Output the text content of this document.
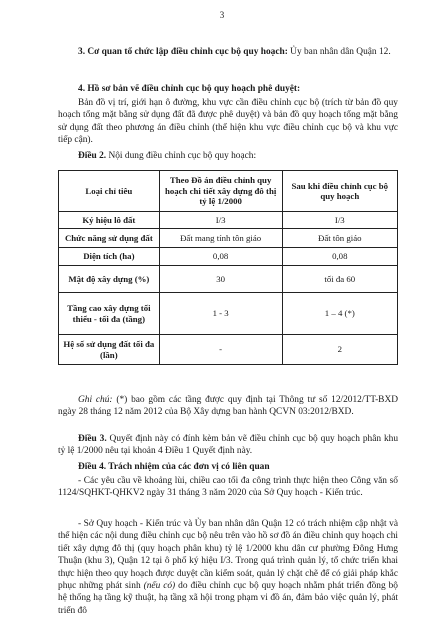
3
3. Cơ quan tổ chức lập điều chỉnh cục bộ quy hoạch: Ủy ban nhân dân Quận 12.
4. Hồ sơ bản vẽ điều chỉnh cục bộ quy hoạch phê duyệt:
Bản đồ vị trí, giới hạn ô đường, khu vực cần điều chỉnh cục bộ (trích từ bản đồ quy hoạch tổng mặt bằng sử dụng đất đã được phê duyệt) và bản đồ quy hoạch tổng mặt bằng sử dụng đất theo phương án điều chỉnh (thể hiện khu vực điều chỉnh cục bộ và khu vực tiếp cận).
Điều 2. Nội dung điều chỉnh cục bộ quy hoạch:
Loại chỉ tiêu	Theo Đồ án điều chỉnh quy hoạch chi tiết xây dựng đô thị tỷ lệ 1/2000	Sau khi điều chỉnh cục bộ quy hoạch
Ký hiệu lô đất	I/3	I/3
Chức năng sử dụng đất	Đất mang tính tôn giáo	Đất tôn giáo
Diện tích (ha)	0,08	0,08
Mật độ xây dựng (%)	30	tối đa 60
Tầng cao xây dựng tối thiểu - tối đa (tầng)	1 - 3	1 – 4 (*)
Hệ số sử dụng đất tối đa (lần)	-	2
Ghi chú: (*) bao gồm các tầng được quy định tại Thông tư số 12/2012/TT-BXD ngày 28 tháng 12 năm 2012 của Bộ Xây dựng ban hành QCVN 03:2012/BXD.
Điều 3. Quyết định này có đính kèm bản vẽ điều chỉnh cục bộ quy hoạch phân khu tỷ lệ 1/2000 nêu tại khoản 4 Điều 1 Quyết định này.
Điều 4. Trách nhiệm của các đơn vị có liên quan
- Các yêu cầu về khoảng lùi, chiều cao tối đa công trình thực hiện theo Công văn số 1124/SQHKT-QHKV2 ngày 31 tháng 3 năm 2020 của Sở Quy hoạch - Kiến trúc.
- Sở Quy hoạch - Kiến trúc và Ủy ban nhân dân Quận 12 có trách nhiệm cập nhật và thể hiện các nội dung điều chỉnh cục bộ nêu trên vào hồ sơ đồ án điều chỉnh quy hoạch chi tiết xây dựng đô thị (quy hoạch phân khu) tỷ lệ 1/2000 khu dân cư phường Đông Hưng Thuận (khu 3), Quận 12 tại ô phố ký hiệu I/3. Trong quá trình quản lý, tổ chức triển khai thực hiện theo quy hoạch được duyệt cần kiểm soát, quản lý chặt chẽ để có giải pháp khắc phục những phát sinh (nếu có) do điều chỉnh cục bộ quy hoạch nhằm phát triển đồng bộ hệ thống hạ tầng kỹ thuật, hạ tầng xã hội trong phạm vi đồ án, đảm bảo việc quản lý, phát triển đô
